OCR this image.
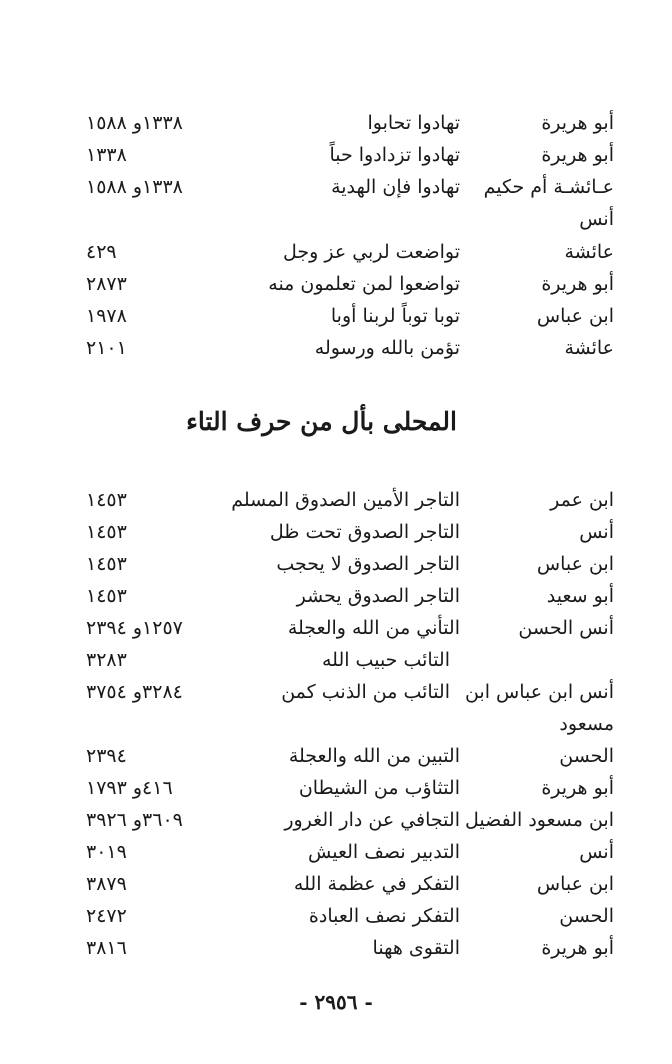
أبو هريرة
تهادوا تحابوا
١٣٣٨و ١٥٨٨
أبو هريرة
تهادوا تزدادوا حباً
١٣٣٨
عـائشـة أم حكيم
تهادوا فإن الهدية
١٣٣٨و ١٥٨٨
أنس
عائشة
تواضعت لربي عز وجل
٤٢٩
أبو هريرة
تواضعوا لمن تعلمون منه
٢٨٧٣
ابن عباس
توبا توباً لربنا أوبا
١٩٧٨
عائشة
تؤمن بالله ورسوله
٢١٠١
المحلى بأل من حرف التاء
ابن عمر
التاجر الأمين الصدوق المسلم
١٤٥٣
أنس
التاجر الصدوق تحت ظل
١٤٥٣
ابن عباس
التاجر الصدوق لا يحجب
١٤٥٣
أبو سعيد
التاجر الصدوق يحشر
١٤٥٣
أنس الحسن
التأني من الله والعجلة
١٢٥٧و ٢٣٩٤
التائب حبيب الله
٣٢٨٣
أنس ابن عباس ابن
التائب من الذنب كمن
٣٢٨٤و ٣٧٥٤
مسعود
الحسن
التبين من الله والعجلة
٢٣٩٤
أبو هريرة
التثاؤب من الشيطان
٤١٦و ١٧٩٣
ابن مسعود الفضيل
التجافي عن دار الغرور
٣٦٠٩و ٣٩٢٦
أنس
التدبير نصف العيش
٣٠١٩
ابن عباس
التفكر في عظمة الله
٣٨٧٩
الحسن
التفكر نصف العبادة
٢٤٧٢
أبو هريرة
التقوى ههنا
٣٨١٦
- ٢٩٥٦ -
